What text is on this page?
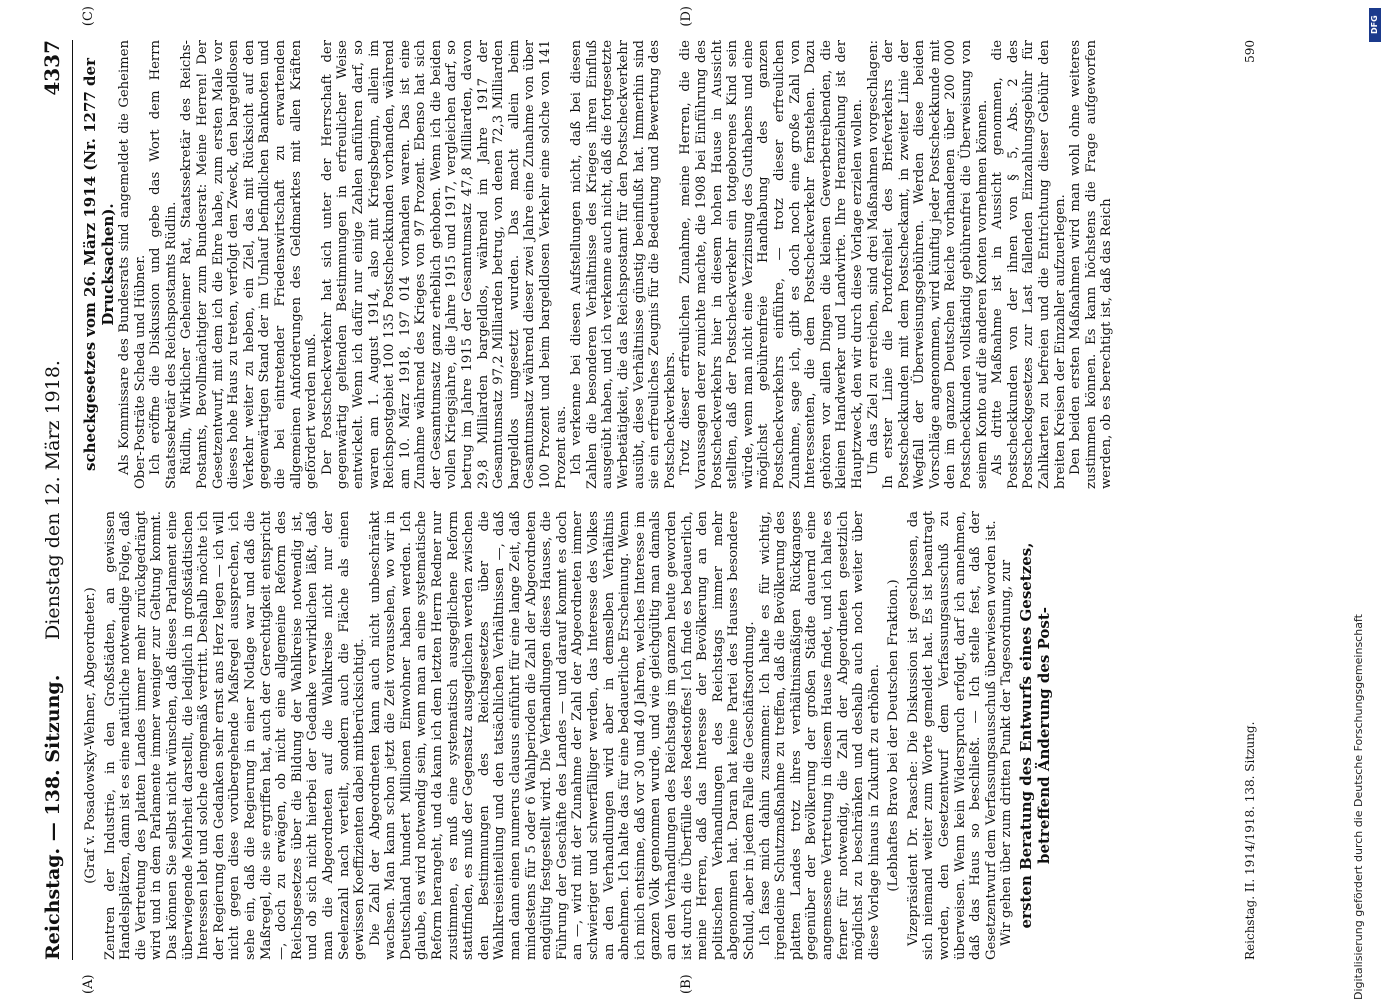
Reichstag. — 138. Sitzung.
Dienstag den 12. März 1918.
4337
(A)	(B)

(Graf v. Posadowsky-Wehner, Abgeordneter.) Zentren der Industrie, in den Großstädten, an gewissen Handelsplätzen, dann ist es eine natürliche notwendige Folge, daß die Vertretung des platten Landes immer mehr zurückgedrängt wird und in dem Parlamente immer weniger zur Geltung kommt. Das können Sie selbst nicht wünschen, daß dieses Parlament eine überwiegende Mehrheit darstellt, die lediglich in großstädtischen Interessen lebt und solche demgemäß vertritt. Deshalb möchte ich der Regierung den Gedanken sehr ernst ans Herz legen — ich will nicht gegen diese vorübergehende Maßregel aussprechen, ich sehe ein, daß die Regierung in einer Notlage war und daß die Maßregel, die sie ergriffen hat, auch der Gerechtigkeit entspricht —, doch zu erwägen, ob nicht eine allgemeine Reform des Reichsgesetzes über die Bildung der Wahlkreise notwendig ist, und ob sich nicht hierbei der Gedanke verwirklichen läßt, daß man die Abgeordneten auf die Wahlkreise nicht nur der Seelenzahl nach verteilt, sondern auch die Fläche als einen gewissen Koeffizienten dabei mitberücksichtigt. Die Zahl der Abgeordneten kann auch nicht unbeschränkt wachsen. Man kann schon jetzt die Zeit voraussehen, wo wir in Deutschland hundert Millionen Einwohner haben werden. Ich glaube, es wird notwendig sein, wenn man an eine systematische Reform herangeht, und da kann ich dem letzten Herrn Redner nur zustimmen, es muß eine systematisch ausgeglichene Reform stattfinden, es muß der Gegensatz ausgeglichen werden zwischen den Bestimmungen des Reichsgesetzes über die Wahlkreiseinteilung und den tatsächlichen Verhältnissen —, daß man dann einen numerus clausus einführt für eine lange Zeit, daß mindestens für 5 oder 6 Wahlperioden die Zahl der Abgeordneten endgültig festgestellt wird. Die Verhandlungen dieses Hauses, die Führung der Geschäfte des Landes — und darauf kommt es doch an —, wird mit der Zunahme der Zahl der Abgeordneten immer schwieriger und schwerfälliger werden, das Interesse des Volkes an den Verhandlungen wird aber in demselben Verhältnis abnehmen. Ich halte das für eine bedauerliche Erscheinung. Wenn ich mich entsinne, daß vor 30 und 40 Jahren, welches Interesse im ganzen Volk genommen wurde, und wie gleichgültig man damals an den Verhandlungen des Reichstags im ganzen heute geworden ist durch die Überfülle des Redestoffes! Ich finde es bedauerlich, meine Herren, daß das Interesse der Bevölkerung an den politischen Verhandlungen des Reichstags immer mehr abgenommen hat. Daran hat keine Partei des Hauses besondere Schuld, aber in jedem Falle die Geschäftsordnung. Ich fasse mich dahin zusammen: Ich halte es für wichtig, irgendeine Schutzmaßnahme zu treffen, daß die Bevölkerung des platten Landes trotz ihres verhältnismäßigen Rückganges gegenüber der Bevölkerung der großen Städte dauernd eine angemessene Vertretung in diesem Hause findet, und ich halte es ferner für notwendig, die Zahl der Abgeordneten gesetzlich möglichst zu beschränken und deshalb auch noch weiter über diese Vorlage hinaus in Zukunft zu erhöhen. (Lebhaftes Bravo bei der Deutschen Fraktion.) Vizepräsident Dr. Paasche: Die Diskussion ist geschlossen, da sich niemand weiter zum Worte gemeldet hat. Es ist beantragt worden, den Gesetzentwurf dem Verfassungsausschuß zu überweisen. Wenn kein Widerspruch erfolgt, darf ich annehmen, daß das Haus so beschließt. — Ich stelle fest, daß der Gesetzentwurf dem Verfassungsausschuß überwiesen worden ist. Wir gehen über zum dritten Punkt der Tagesordnung, zur ersten Beratung des Entwurfs eines Gesetzes, betreffend Änderung des Post-	Reichstag. II. 1914/1918. 138. Sitzung.
(C)	(D)

scheckgesetzes vom 26. März 1914 (Nr. 1277 der Drucksachen). Als Kommissare des Bundesrats sind angemeldet die Geheimen Ober-Posträte Scheda und Hübner. Ich eröffne die Diskussion und gebe das Wort dem Herrn Staatssekretär des Reichspostamts Rüdlin. Rüdlin, Wirklicher Geheimer Rat, Staatssekretär des Reichs-Postamts, Bevollmächtigter zum Bundesrat: Meine Herren! Der Gesetzentwurf, mit dem ich die Ehre habe, zum ersten Male vor dieses hohe Haus zu treten, verfolgt den Zweck, den bargeldlosen Verkehr weiter zu heben, ein Ziel, das mit Rücksicht auf den gegenwärtigen Stand der im Umlauf befindlichen Banknoten und die bei eintretender Friedenswirtschaft zu erwartenden allgemeinen Anforderungen des Geldmarktes mit allen Kräften gefördert werden muß. Der Postscheckverkehr hat sich unter der Herrschaft der gegenwärtig geltenden Bestimmungen in erfreulicher Weise entwickelt. Wenn ich dafür nur einige Zahlen anführen darf, so waren am 1. August 1914, also mit Kriegsbeginn, allein im Reichspostgebiet 100 135 Postscheckkunden vorhanden, während am 10. März 1918, 197 014 vorhanden waren. Das ist eine Zunahme während des Krieges von 97 Prozent. Ebenso hat sich der Gesamtumsatz ganz erheblich gehoben. Wenn ich die beiden vollen Kriegsjahre, die Jahre 1915 und 1917, vergleichen darf, so betrug im Jahre 1915 der Gesamtumsatz 47,8 Milliarden, davon 29,8 Milliarden bargeldlos, während im Jahre 1917 der Gesamtumsatz 97,2 Milliarden betrug, von denen 72,3 Milliarden bargeldlos umgesetzt wurden. Das macht allein beim Gesamtumsatz während dieser zwei Jahre eine Zunahme von über 100 Prozent und beim bargeldlosen Verkehr eine solche von 141 Prozent aus. Ich verkenne bei diesen Aufstellungen nicht, daß bei diesen Zahlen die besonderen Verhältnisse des Krieges ihren Einfluß ausgeübt haben, und ich verkenne auch nicht, daß die fortgesetzte Werbetätigkeit, die das Reichspostamt für den Postscheckverkehr ausübt, diese Verhältnisse günstig beeinflußt hat. Immerhin sind sie ein erfreuliches Zeugnis für die Bedeutung und Bewertung des Postscheckverkehrs. Trotz dieser erfreulichen Zunahme, meine Herren, die die Voraussagen derer zunichte machte, die 1908 bei Einführung des Postscheckverkehrs hier in diesem hohen Hause in Aussicht stellten, daß der Postscheckverkehr ein totgeborenes Kind sein würde, wenn man nicht eine Verzinsung des Guthabens und eine möglichst gebührenfreie Handhabung des ganzen Postscheckverkehrs einführe, — trotz dieser erfreulichen Zunahme, sage ich, gibt es doch noch eine große Zahl von Interessenten, die dem Postscheckverkehr fernstehen. Dazu gehören vor allen Dingen die kleinen Gewerbetreibenden, die kleinen Handwerker und Landwirte. Ihre Heranziehung ist der Hauptzweck, den wir durch diese Vorlage erzielen wollen. Um das Ziel zu erreichen, sind drei Maßnahmen vorgeschlagen: In erster Linie die Portofreiheit des Briefverkehrs der Postscheckkunden mit dem Postscheckamt, in zweiter Linie der Wegfall der Überweisungsgebühren. Werden diese beiden Vorschläge angenommen, wird künftig jeder Postscheckkunde mit den im ganzen Deutschen Reiche vorhandenen über 200 000 Postscheckkunden vollständig gebührenfrei die Überweisung von seinem Konto auf die anderen Konten vornehmen können. Als dritte Maßnahme ist in Aussicht genommen, die Postscheckkunden von der ihnen von § 5, Abs. 2 des Postscheckgesetzes zur Last fallenden Einzahlungsgebühr für Zahlkarten zu befreien und die Entrichtung dieser Gebühr den breiten Kreisen der Einzahler aufzuerlegen. Den beiden ersten Maßnahmen wird man wohl ohne weiteres zustimmen können. Es kann höchstens die Frage aufgeworfen werden, ob es berechtigt ist, daß das Reich

590
Digitalisierung gefördert durch die Deutsche Forschungsgemeinschaft
DFG
